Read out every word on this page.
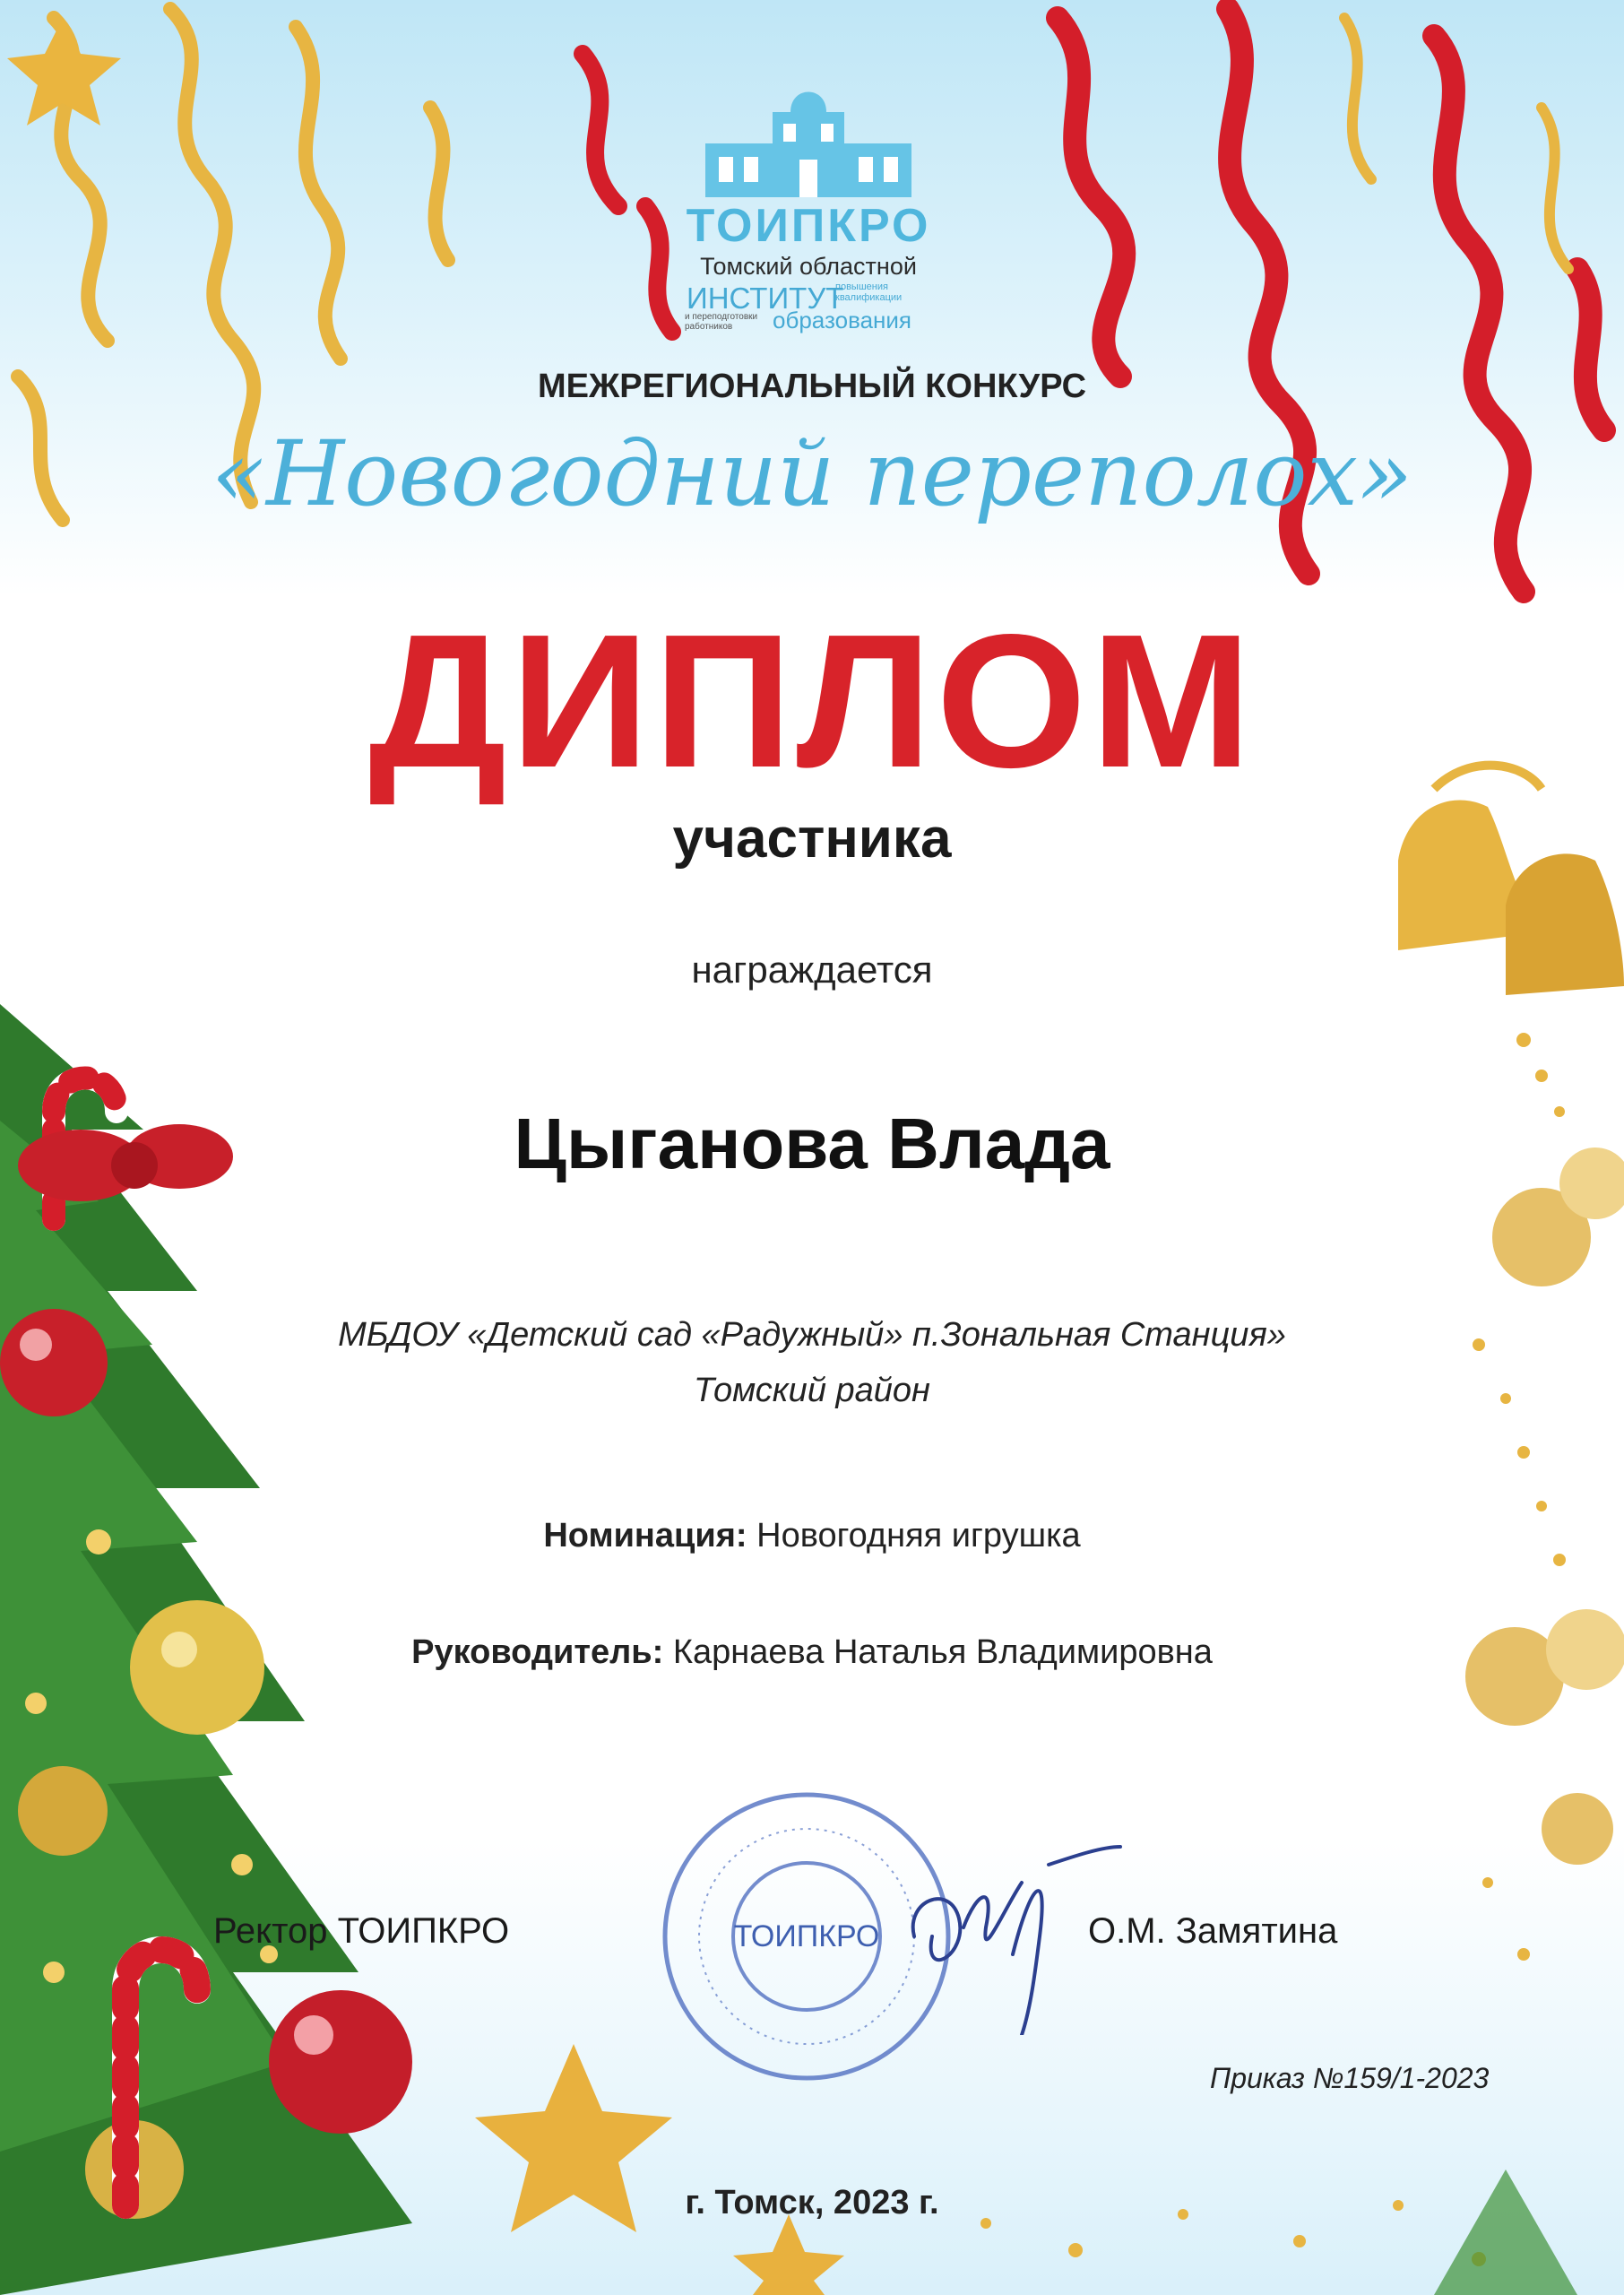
ТОИПКРО
Томский областной
ИНСТИТУТ
повышения квалификации
и переподготовки работников	образования
МЕЖРЕГИОНАЛЬНЫЙ КОНКУРС
«Новогодний переполох»
ДИПЛОМ
участника
награждается
Цыганова Влада
МБДОУ «Детский сад «Радужный» п.Зональная Станция»
Томский район
Номинация: Новогодняя игрушка
Руководитель: Карнаева Наталья Владимировна
ТОИПКРО
Ректор ТОИПКРО	О.М. Замятина
Приказ №159/1-2023
г. Томск, 2023 г.
